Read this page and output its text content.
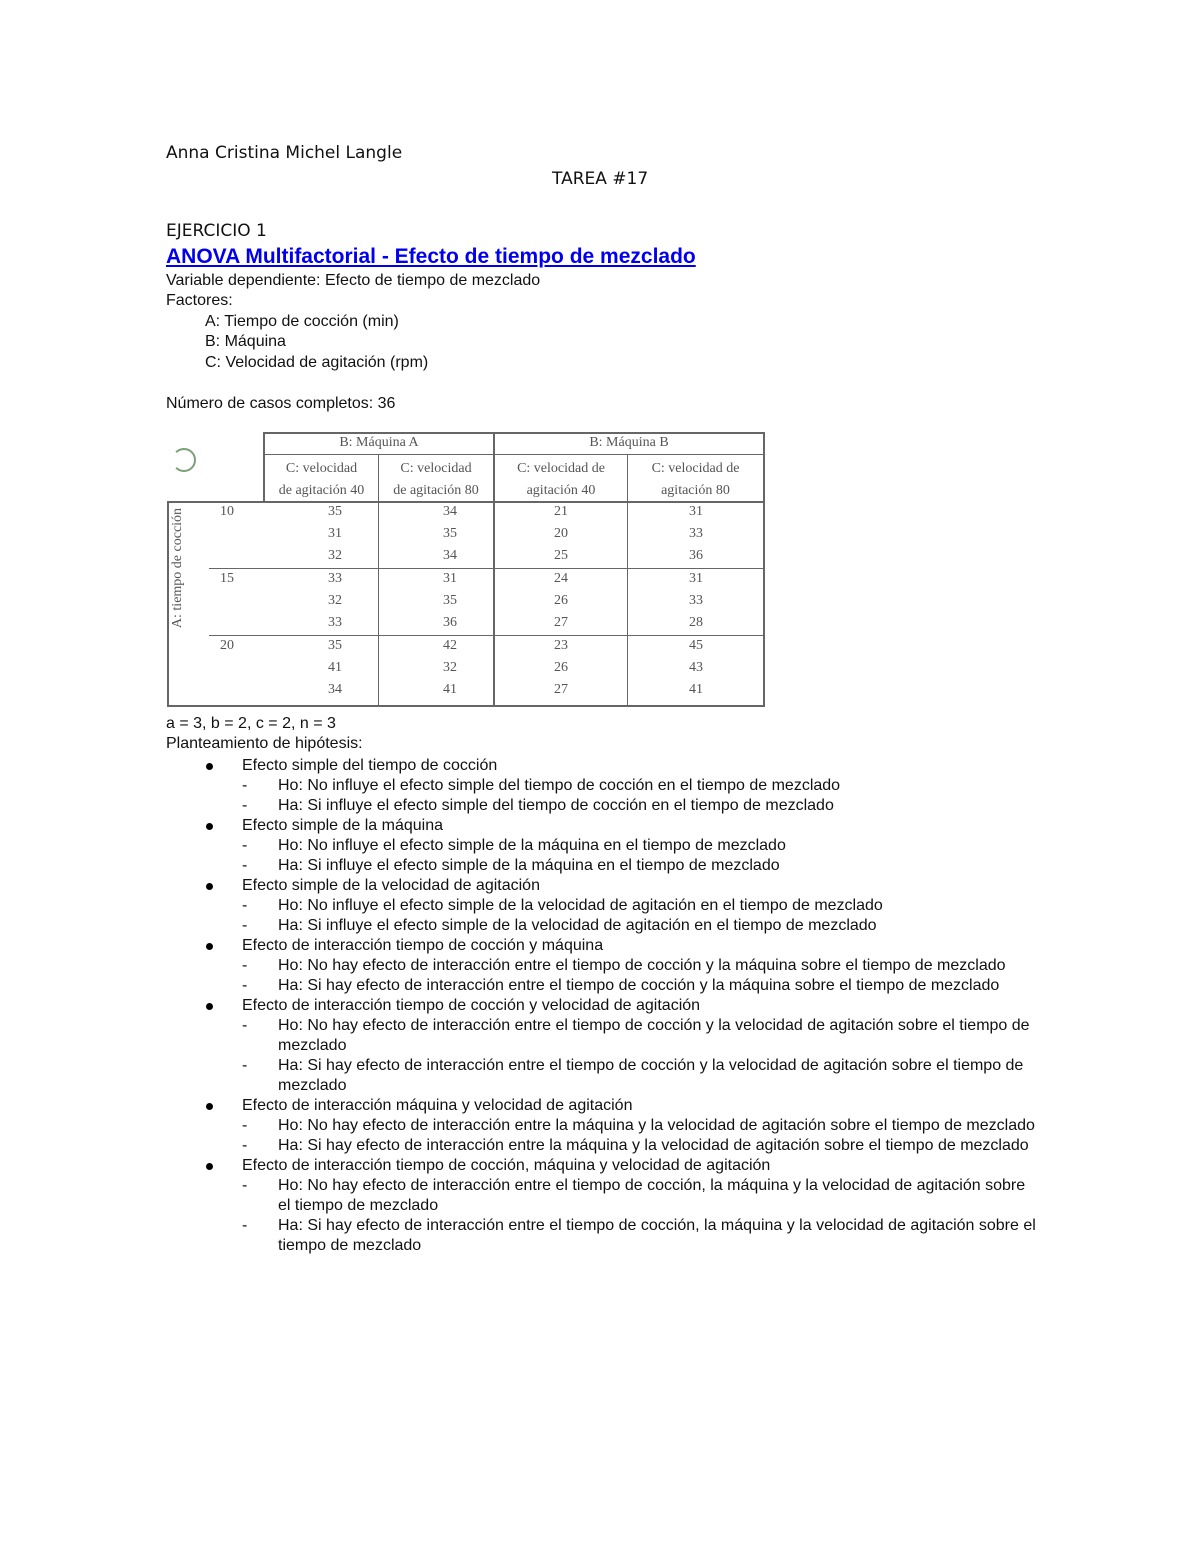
Anna Cristina Michel Langle
TAREA #17
EJERCICIO 1
ANOVA Multifactorial - Efecto de tiempo de mezclado
Variable dependiente: Efecto de tiempo de mezclado
Factores:
A: Tiempo de cocción (min)
B: Máquina
C: Velocidad de agitación (rpm)
Número de casos completos: 36
B: Máquina A	B: Máquina B
C: velocidad
de agitación 40
C: velocidad
de agitación 80
C: velocidad de
agitación 40
C: velocidad de
agitación 80
10
15
20
35
31
32
34
35
34
21
20
25
31
33
36
33
32
33
31
35
36
24
26
27
31
33
28
35
41
34
42
32
41
23
26
27
45
43
41
A: tiempo de cocción
a = 3, b = 2, c = 2, n = 3
Planteamiento de hipótesis:
Efecto simple del tiempo de cocción
- Ho: No influye el efecto simple del tiempo de cocción en el tiempo de mezclado
- Ha: Si influye el efecto simple del tiempo de cocción en el tiempo de mezclado
Efecto simple de la máquina
- Ho: No influye el efecto simple de la máquina en el tiempo de mezclado
- Ha: Si influye el efecto simple de la máquina en el tiempo de mezclado
Efecto simple de la velocidad de agitación
- Ho: No influye el efecto simple de la velocidad de agitación en el tiempo de mezclado
- Ha: Si influye el efecto simple de la velocidad de agitación en el tiempo de mezclado
Efecto de interacción tiempo de cocción y máquina
- Ho: No hay efecto de interacción entre el tiempo de cocción y la máquina sobre el tiempo de mezclado
- Ha: Si hay efecto de interacción entre el tiempo de cocción y la máquina sobre el tiempo de mezclado
Efecto de interacción tiempo de cocción y velocidad de agitación
- Ho: No hay efecto de interacción entre el tiempo de cocción y la velocidad de agitación sobre el tiempo de mezclado
- Ha: Si hay efecto de interacción entre el tiempo de cocción y la velocidad de agitación sobre el tiempo de mezclado
Efecto de interacción máquina y velocidad de agitación
- Ho: No hay efecto de interacción entre la máquina y la velocidad de agitación sobre el tiempo de mezclado
- Ha: Si hay efecto de interacción entre la máquina y la velocidad de agitación sobre el tiempo de mezclado
Efecto de interacción tiempo de cocción, máquina y velocidad de agitación
- Ho: No hay efecto de interacción entre el tiempo de cocción, la máquina y la velocidad de agitación sobre el tiempo de mezclado
- Ha: Si hay efecto de interacción entre el tiempo de cocción, la máquina y la velocidad de agitación sobre el tiempo de mezclado
